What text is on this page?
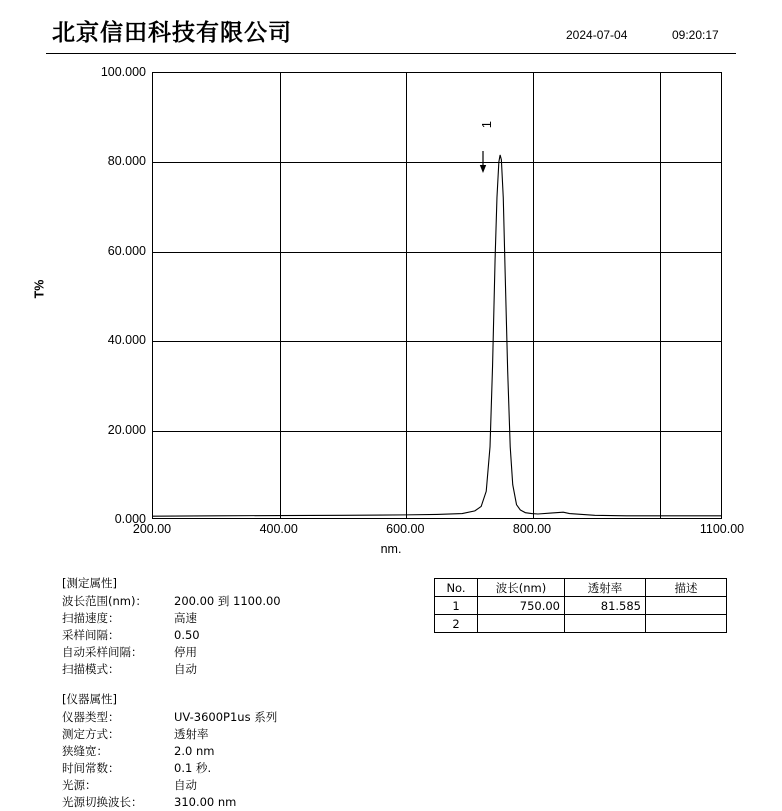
北京信田科技有限公司	2024-07-04	09:20:17
T%
0.000
20.000
40.000
60.000
80.000
100.000
1
200.00	400.00	600.00	800.00	1100.00
nm.
[测定属性]
波长范围(nm)： 200.00 到 1100.00
扫描速度：	高速
采样间隔：	0.50
自动采样间隔：	停用
扫描模式：	自动
[仪器属性]
仪器类型：	UV-3600P1us 系列
测定方式：	透射率
狭缝宽：	2.0 nm
时间常数：	0.1 秒.
光源：	自动
光源切换波长：	310.00 nm
No.	波长(nm)	透射率	描述
1	750.00	81.585	
2			
